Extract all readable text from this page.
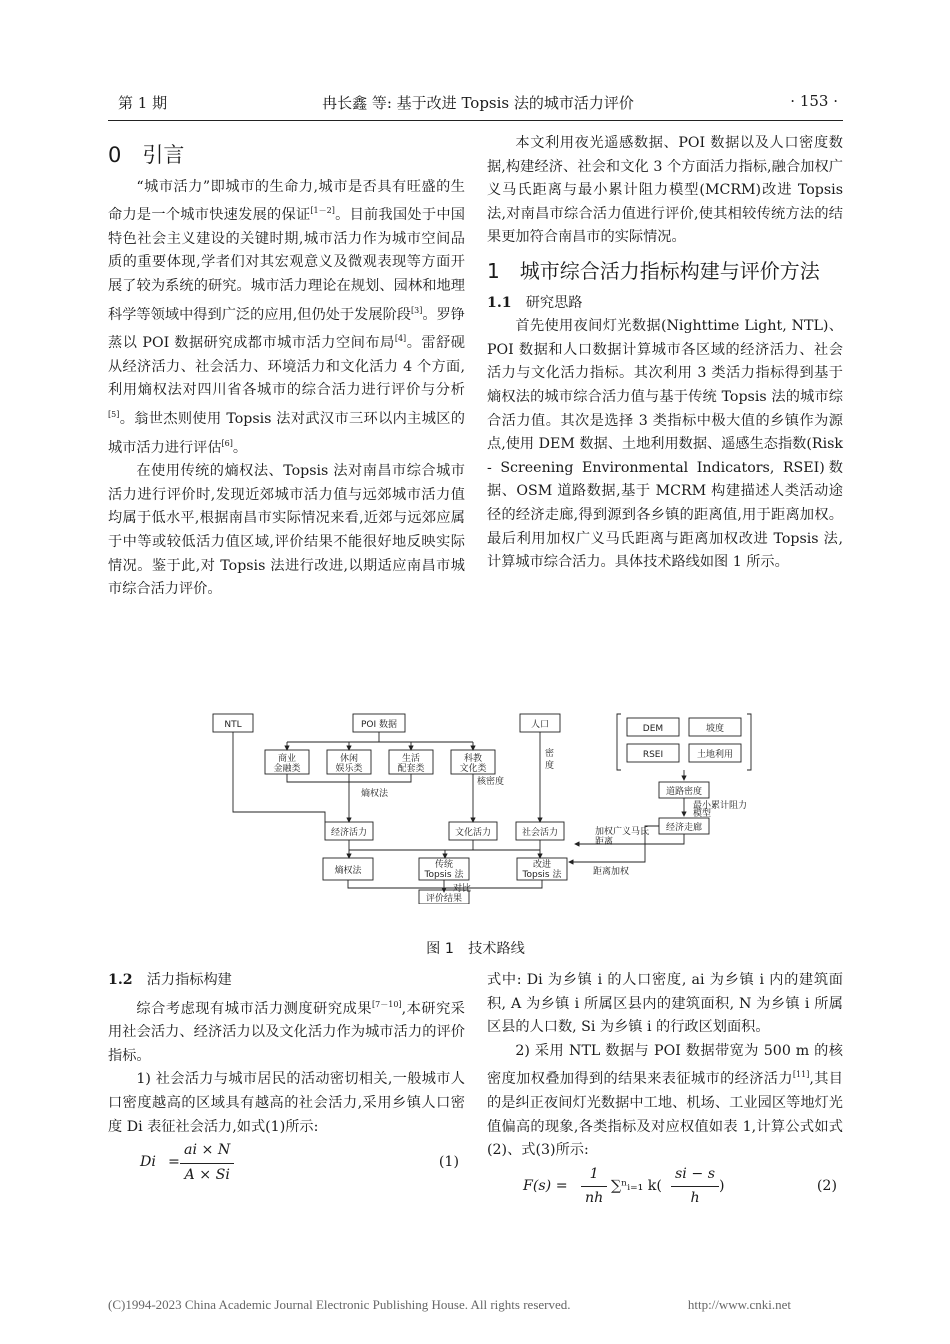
第 1 期	冉长鑫 等: 基于改进 Topsis 法的城市活力评价	· 153 ·
0　引言

“城市活力”即城市的生命力,城市是否具有旺盛的生命力是一个城市快速发展的保证[1－2]。目前我国处于中国特色社会主义建设的关键时期,城市活力作为城市空间品质的重要体现,学者们对其宏观意义及微观表现等方面开展了较为系统的研究。城市活力理论在规划、园林和地理科学等领域中得到广泛的应用,但仍处于发展阶段[3]。罗铮蒸以 POI 数据研究成都市城市活力空间布局[4]。雷舒砚从经济活力、社会活力、环境活力和文化活力 4 个方面,利用熵权法对四川省各城市的综合活力进行评价与分析[5]。翁世杰则使用 Topsis 法对武汉市三环以内主城区的城市活力进行评估[6]。

在使用传统的熵权法、Topsis 法对南昌市综合城市活力进行评价时,发现近郊城市活力值与远郊城市活力值均属于低水平,根据南昌市实际情况来看,近郊与远郊应属于中等或较低活力值区域,评价结果不能很好地反映实际情况。鉴于此,对 Topsis 法进行改进,以期适应南昌市城市综合活力评价。

本文利用夜光遥感数据、POI 数据以及人口密度数据,构建经济、社会和文化 3 个方面活力指标,融合加权广义马氏距离与最小累计阻力模型(MCRM)改进 Topsis 法,对南昌市综合活力值进行评价,使其相较传统方法的结果更加符合南昌市的实际情况。

1　城市综合活力指标构建与评价方法
1.1 研究思路

首先使用夜间灯光数据(Nighttime Light, NTL)、POI 数据和人口数据计算城市各区域的经济活力、社会活力与文化活力指标。其次利用 3 类活力指标得到基于熵权法的城市综合活力值与基于传统 Topsis 法的城市综合活力值。其次是选择 3 类指标中极大值的乡镇作为源点,使用 DEM 数据、土地利用数据、遥感生态指数(Risk - Screening Environmental Indicators, RSEI)数据、OSM 道路数据,基于 MCRM 构建描述人类活动途径的经济走廊,得到源到各乡镇的距离值,用于距离加权。最后利用加权广义马氏距离与距离加权改进 Topsis 法,计算城市综合活力。具体技术路线如图 1 所示。

NTL	POI 数据	人口	DEM	坡度
RSEI	土地利用
道路密度
最小累计阻力
模型
经济走廊
商业
金融类
休闲
娱乐类
生活
配套类
科教
文化类
熵权法
核密度
密
度
经济活力	文化活力	社会活力
熵权法
传统
Topsis 法
改进
Topsis 法
加权广义马氏
距离
距离加权
对比
评价结果
图 1　技术路线
1.2 活力指标构建

综合考虑现有城市活力测度研究成果[7－10],本研究采用社会活力、经济活力以及文化活力作为城市活力的评价指标。

1) 社会活力与城市居民的活动密切相关,一般城市人口密度越高的区域具有越高的社会活力,采用乡镇人口密度 Di 表征社会活力,如式(1)所示:

$Di = \frac{ai \times N}{A \times Si}$	(1)

式中: Di 为乡镇 i 的人口密度, ai 为乡镇 i 内的建筑面积, A 为乡镇 i 所属区县内的建筑面积, N 为乡镇 i 所属区县的人口数, Si 为乡镇 i 的行政区划面积。

2) 采用 NTL 数据与 POI 数据带宽为 500 m 的核密度加权叠加得到的结果来表征城市的经济活力[11],其目的是纠正夜间灯光数据中工地、机场、工业园区等地灯光值偏高的现象,各类指标及对应权值如表 1,计算公式如式(2)、式(3)所示:

$F(s) = \frac{1}{nh}$ ∑ⁿᵢ₌₁ $k( \frac{si - s}{h}$ )	(2)
(C)1994-2023 China Academic Journal Electronic Publishing House. All rights reserved.	http://www.cnki.net
